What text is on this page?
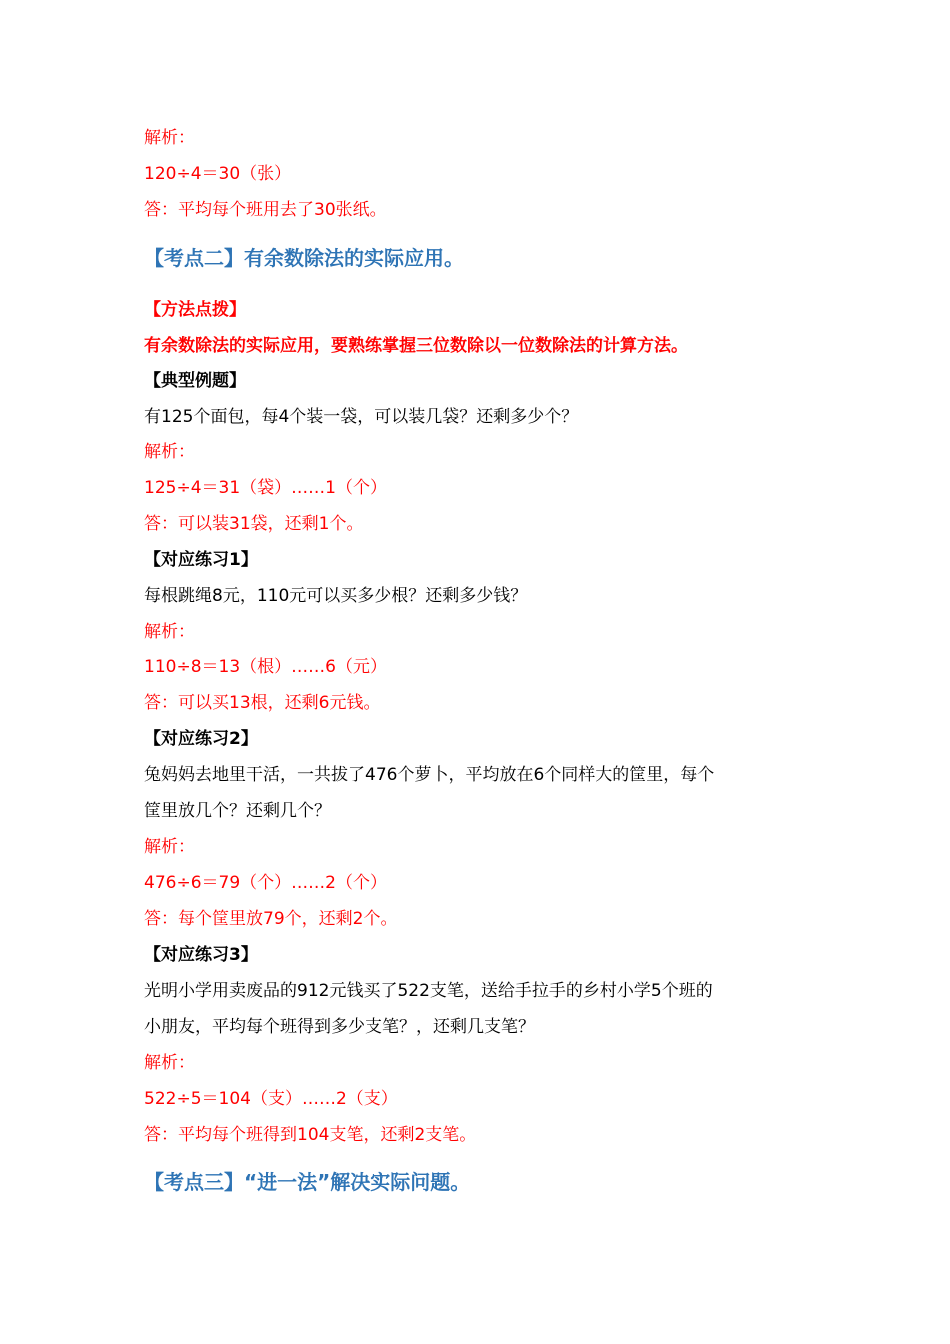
解析：
120÷4＝30（张）
答：平均每个班用去了30张纸。
【考点二】有余数除法的实际应用。
【方法点拨】
有余数除法的实际应用，要熟练掌握三位数除以一位数除法的计算方法。
【典型例题】
有125个面包，每4个装一袋，可以装几袋？还剩多少个？
解析：
125÷4＝31（袋）……1（个）
答：可以装31袋，还剩1个。
【对应练习1】
每根跳绳8元，110元可以买多少根？还剩多少钱？
解析：
110÷8＝13（根）……6（元）
答：可以买13根，还剩6元钱。
【对应练习2】
兔妈妈去地里干活，一共拔了476个萝卜，平均放在6个同样大的筐里，每个
筐里放几个？还剩几个？
解析：
476÷6＝79（个）……2（个）
答：每个筐里放79个，还剩2个。
【对应练习3】
光明小学用卖废品的912元钱买了522支笔，送给手拉手的乡村小学5个班的
小朋友，平均每个班得到多少支笔？，还剩几支笔？
解析：
522÷5＝104（支）……2（支）
答：平均每个班得到104支笔，还剩2支笔。
【考点三】“进一法”解决实际问题。
